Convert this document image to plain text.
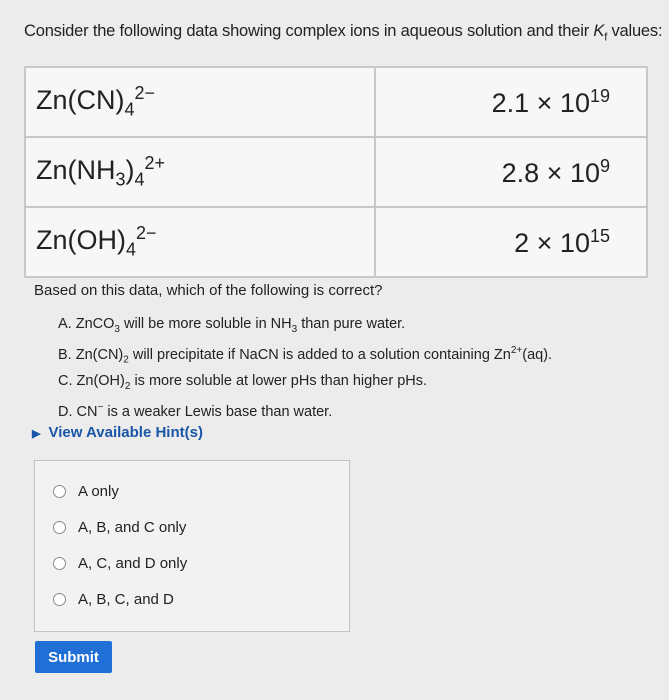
Consider the following data showing complex ions in aqueous solution and their $K_f$ values:
$Zn(CN)_4^{2-}$	$2.1 \times 10^{19}$
$Zn(NH_3)_4^{2+}$	$2.8 \times 10^9$
$Zn(OH)_4^{2-}$	$2 \times 10^{15}$
Based on this data, which of the following is correct?
A. ZnCO$_3$ will be more soluble in $NH_3$ than pure water.
B. $Zn(CN)_2$ will precipitate if NaCN is added to a solution containing $Zn^{2+}(aq)$.
C. $Zn(OH)_2$ is more soluble at lower pHs than higher pHs.
D. CN− is a weaker Lewis base than water.
▶ View Available Hint(s)
A only
A, B, and C only
A, C, and D only
A, B, C, and D
Submit
